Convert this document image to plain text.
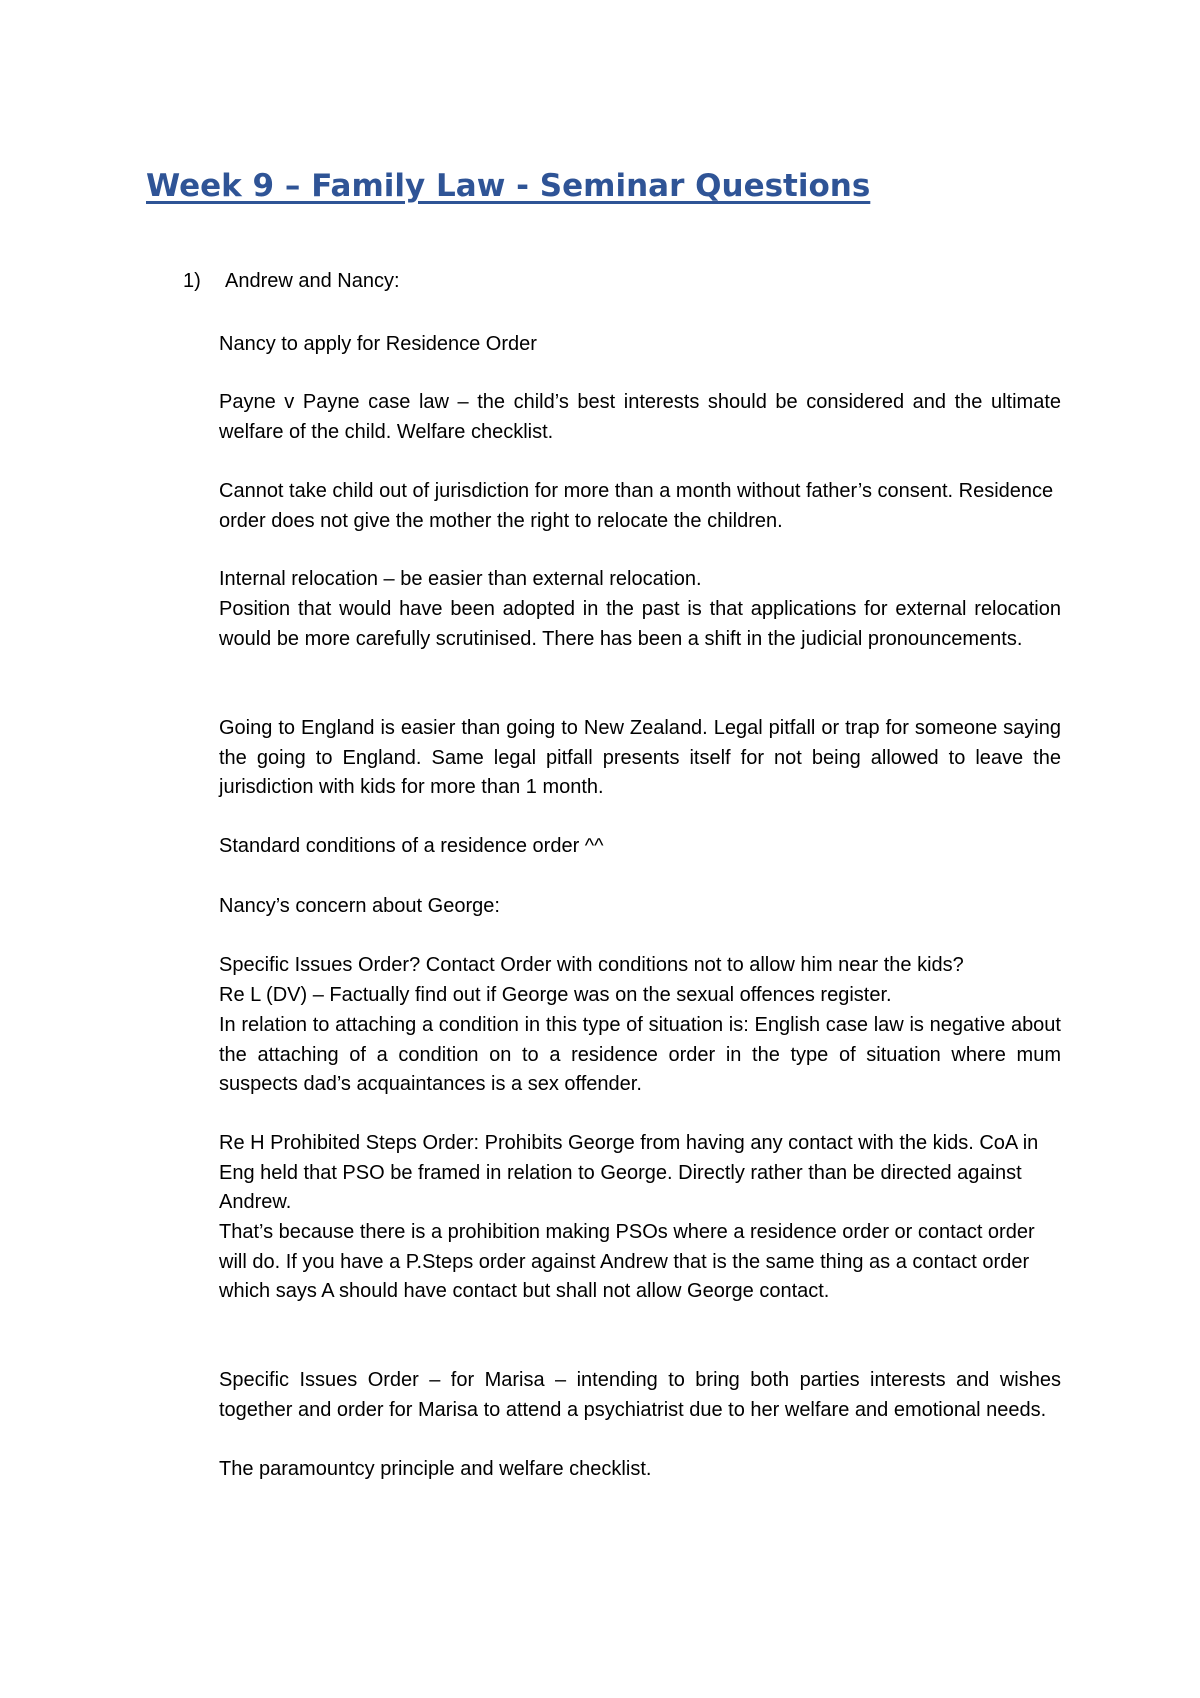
Week 9 – Family Law - Seminar Questions
1) Andrew and Nancy:

Nancy to apply for Residence Order

Payne v Payne case law – the child’s best interests should be considered and the ultimate welfare of the child. Welfare checklist.

Cannot take child out of jurisdiction for more than a month without father’s consent. Residence order does not give the mother the right to relocate the children.

Internal relocation – be easier than external relocation.

Position that would have been adopted in the past is that applications for external relocation would be more carefully scrutinised. There has been a shift in the judicial pronouncements.

Going to England is easier than going to New Zealand. Legal pitfall or trap for someone saying the going to England. Same legal pitfall presents itself for not being allowed to leave the jurisdiction with kids for more than 1 month.

Standard conditions of a residence order ^^

Nancy’s concern about George:

Specific Issues Order? Contact Order with conditions not to allow him near the kids?

Re L (DV) – Factually find out if George was on the sexual offences register.

In relation to attaching a condition in this type of situation is: English case law is negative about the attaching of a condition on to a residence order in the type of situation where mum suspects dad’s acquaintances is a sex offender.

Re H Prohibited Steps Order: Prohibits George from having any contact with the kids. CoA in Eng held that PSO be framed in relation to George. Directly rather than be directed against Andrew.

That’s because there is a prohibition making PSOs where a residence order or contact order will do. If you have a P.Steps order against Andrew that is the same thing as a contact order which says A should have contact but shall not allow George contact.

Specific Issues Order – for Marisa – intending to bring both parties interests and wishes together and order for Marisa to attend a psychiatrist due to her welfare and emotional needs.

The paramountcy principle and welfare checklist.
